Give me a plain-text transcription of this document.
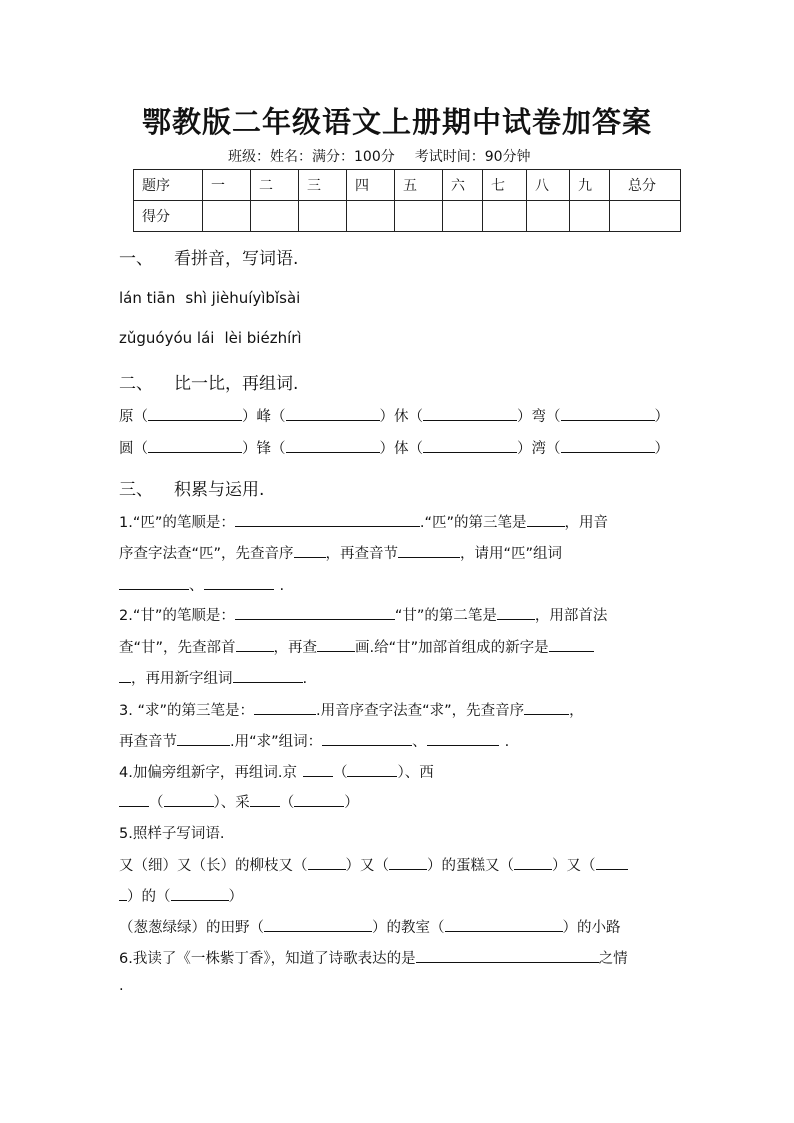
鄂教版二年级语文上册期中试卷加答案
班级：姓名：满分：100分 考试时间：90分钟
题序	一	二	三	四	五	六	七	八	九	总分
得分										
一、 看拼音，写词语.
lán tiān shì jièhuíyìbǐsài
zǔguóyóu lái lèi biézhírì
二、 比一比，再组词.
原（	）峰（	）休（	）弯（	）
圆（	）锋（	）体（	）湾（	）
三、 积累与运用.
1.“匹”的笔顺是：	.“匹”的第三笔是	，用音
序查字法查“匹”，先查音序 ，再查音节	，请用“匹”组词
、	.
2.“甘”的笔顺是：	“甘”的第二笔是	，用部首法
查“甘”，先查部首	，再查	画.给“甘”加部首组成的新字是
，再用新字组词	.
3. “求”的第三笔是：	.用音序查字法查“求”，先查音序	，
再查音节	.用“求”组词：	、	.
4.加偏旁组新字，再组词.京 （	）、西
（	）、采 （	）
5.照样子写词语.
又（细）又（长）的柳枝又（	）又（	）的蛋糕又（	）又（
）的（	）
（葱葱绿绿）的田野（	）的教室（	）的小路
6.我读了《一株紫丁香》，知道了诗歌表达的是	之情
.
